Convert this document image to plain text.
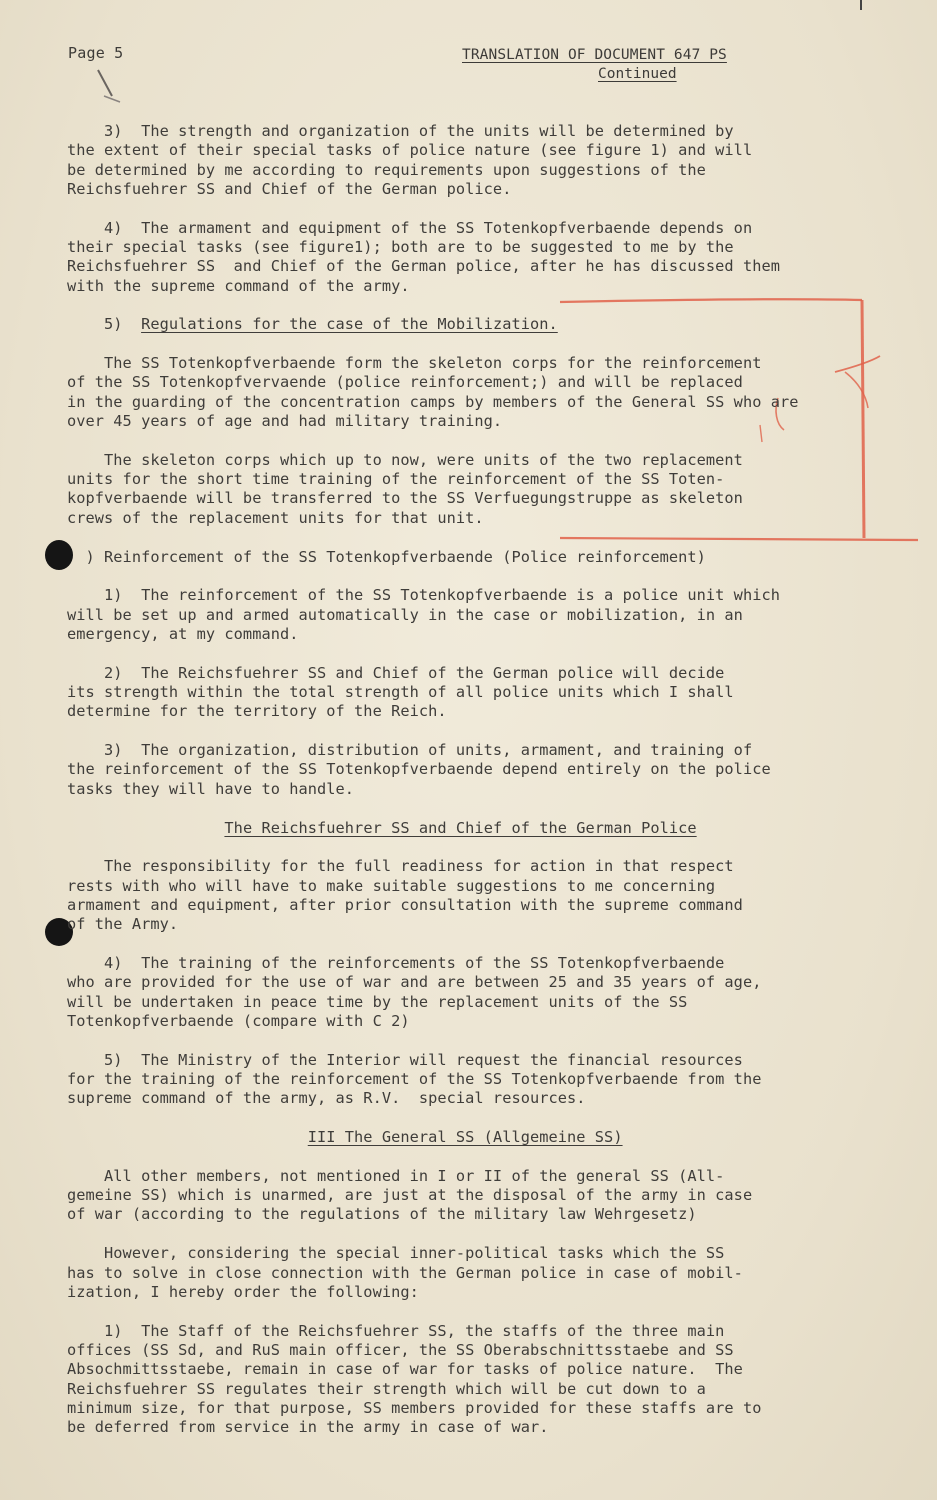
Page 5	TRANSLATION OF DOCUMENT 647 PS
Continued
3)  The strength and organization of the units will be determined by
the extent of their special tasks of police nature (see figure 1) and will
be determined by me according to requirements upon suggestions of the
Reichsfuehrer SS and Chief of the German police.
4)  The armament and equipment of the SS Totenkopfverbaende depends on
their special tasks (see figure1); both are to be suggested to me by the
Reichsfuehrer SS  and Chief of the German police, after he has discussed them
with the supreme command of the army.
5)  Regulations for the case of the Mobilization.
The SS Totenkopfverbaende form the skeleton corps for the reinforcement
of the SS Totenkopfvervaende (police reinforcement;) and will be replaced
in the guarding of the concentration camps by members of the General SS who are
over 45 years of age and had military training.
The skeleton corps which up to now, were units of the two replacement
units for the short time training of the reinforcement of the SS Toten-
kopfverbaende will be transferred to the SS Verfuegungstruppe as skeleton
crews of the replacement units for that unit.
) Reinforcement of the SS Totenkopfverbaende (Police reinforcement)
1)  The reinforcement of the SS Totenkopfverbaende is a police unit which
will be set up and armed automatically in the case or mobilization, in an
emergency, at my command.
2)  The Reichsfuehrer SS and Chief of the German police will decide
its strength within the total strength of all police units which I shall
determine for the territory of the Reich.
3)  The organization, distribution of units, armament, and training of
the reinforcement of the SS Totenkopfverbaende depend entirely on the police
tasks they will have to handle.
The Reichsfuehrer SS and Chief of the German Police
The responsibility for the full readiness for action in that respect
rests with who will have to make suitable suggestions to me concerning
armament and equipment, after prior consultation with the supreme command
of the Army.
4)  The training of the reinforcements of the SS Totenkopfverbaende
who are provided for the use of war and are between 25 and 35 years of age,
will be undertaken in peace time by the replacement units of the SS
Totenkopfverbaende (compare with C 2)
5)  The Ministry of the Interior will request the financial resources
for the training of the reinforcement of the SS Totenkopfverbaende from the
supreme command of the army, as R.V.  special resources.
III The General SS (Allgemeine SS)
All other members, not mentioned in I or II of the general SS (All-
gemeine SS) which is unarmed, are just at the disposal of the army in case
of war (according to the regulations of the military law Wehrgesetz)
However, considering the special inner-political tasks which the SS
has to solve in close connection with the German police in case of mobil-
ization, I hereby order the following:
1)  The Staff of the Reichsfuehrer SS, the staffs of the three main
offices (SS Sd, and RuS main officer, the SS Oberabschnittsstaebe and SS
Absochmittsstaebe, remain in case of war for tasks of police nature.  The
Reichsfuehrer SS regulates their strength which will be cut down to a
minimum size, for that purpose, SS members provided for these staffs are to
be deferred from service in the army in case of war.
